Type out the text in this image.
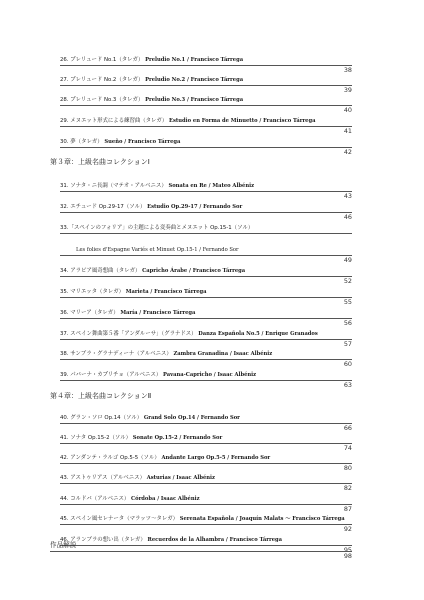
26. プレリュード No.1（タレガ） Preludio No.1 / Francisco Tárrega
38
27. プレリュード No.2（タレガ） Preludio No.2 / Francisco Tárrega
39
28. プレリュード No.3（タレガ） Preludio No.3 / Francisco Tárrega
40
29. メヌエット形式による練習曲（タレガ） Estudio en Forma de Minuetto / Francisco Tárrega
41
30. 夢（タレガ） Sueño / Francisco Tárrega
42
第３章：上級名曲コレクションⅠ
31. ソナタ・ニ長調（マテオ・アルベニス） Sonata en Re / Mateo Albéniz
43
32. エチュード Op.29-17（ソル） Estudio Op.29-17 / Fernando Sor
46
33.「スペインのフォリア」の主題による変奏曲とメヌエット Op.15-1（ソル）
Les folies d'Espagne Variés et Minuet Op.15-1 / Fernando Sor
49
34. アラビア風奇想曲（タレガ） Capricho Árabe / Francisco Tárrega
52
35. マリエッタ（タレガ） Marieta / Francisco Tárrega
55
36. マリーア（タレガ） María / Francisco Tárrega
56
37. スペイン舞曲第５番「アンダルーサ」（グラナドス） Danza Española No.5 / Enrique Granados
57
38. サンブラ・グラナディーナ（アルベニス） Zambra Granadina / Isaac Albéniz
60
39. パバーナ・カプリチョ（アルベニス） Pavana-Capricho / Isaac Albéniz
63
第４章：上級名曲コレクションⅡ
40. グラン・ソロ Op.14（ソル） Grand Solo Op.14 / Fernando Sor
66
41. ソナタ Op.15-2（ソル） Sonate Op.15-2 / Fernando Sor
74
42. アンダンテ・ラルゴ Op.5-5（ソル） Andante Largo Op.5-5 / Fernando Sor
80
43. アストゥリアス（アルベニス） Asturias / Isaac Albéniz
82
44. コルドバ（アルベニス） Córdoba / Isaac Albéniz
87
45. スペイン風セレナータ（マラッツ～タレガ） Serenata Española / Joaquín Malats ～ Francisco Tárrega
92
46. アランブラの想い出（タレガ） Recuerdos de la Alhambra / Francisco Tárrega
95
作品解説
98
